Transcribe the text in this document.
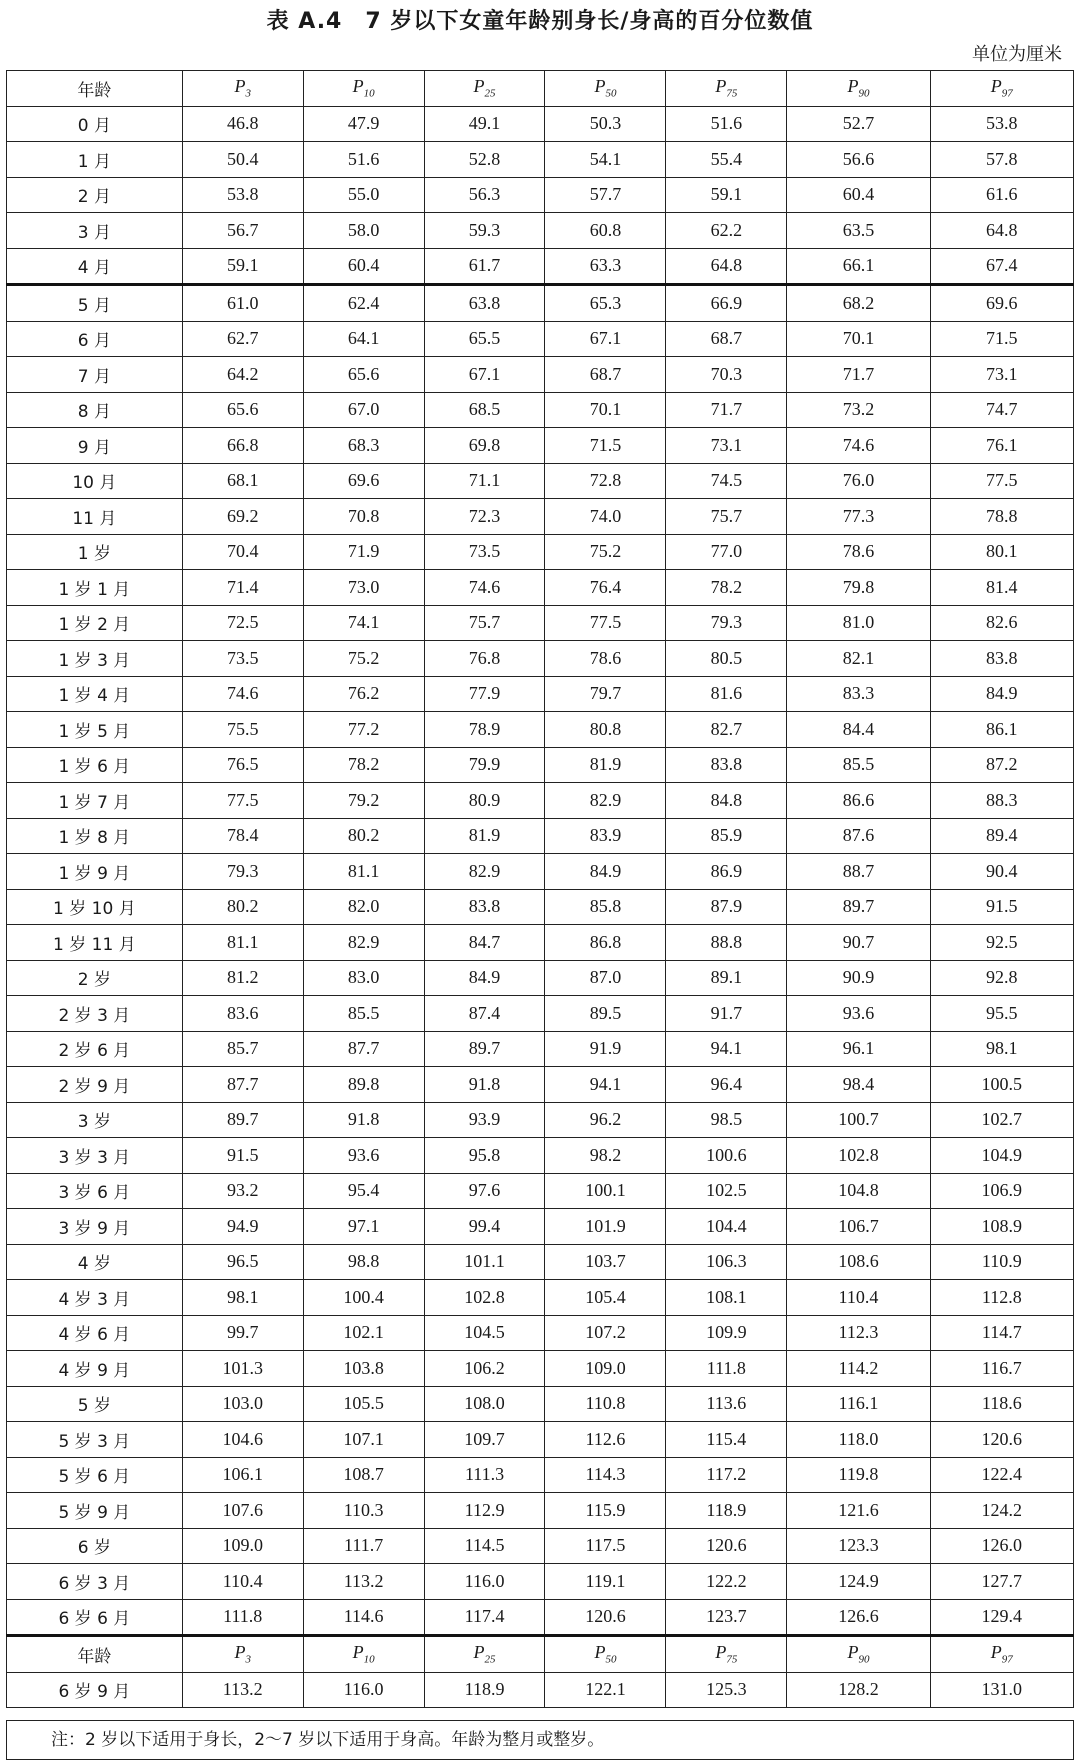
表 A.4　7 岁以下女童年龄别身长/身高的百分位数值
单位为厘米
年龄	$P_3$	$P_{10}$	$P_{25}$	$P_{50}$	$P_{75}$	$P_{90}$	$P_{97}$
0 月	46.8	47.9	49.1	50.3	51.6	52.7	53.8
1 月	50.4	51.6	52.8	54.1	55.4	56.6	57.8
2 月	53.8	55.0	56.3	57.7	59.1	60.4	61.6
3 月	56.7	58.0	59.3	60.8	62.2	63.5	64.8
4 月	59.1	60.4	61.7	63.3	64.8	66.1	67.4
5 月	61.0	62.4	63.8	65.3	66.9	68.2	69.6
6 月	62.7	64.1	65.5	67.1	68.7	70.1	71.5
7 月	64.2	65.6	67.1	68.7	70.3	71.7	73.1
8 月	65.6	67.0	68.5	70.1	71.7	73.2	74.7
9 月	66.8	68.3	69.8	71.5	73.1	74.6	76.1
10 月	68.1	69.6	71.1	72.8	74.5	76.0	77.5
11 月	69.2	70.8	72.3	74.0	75.7	77.3	78.8
1 岁	70.4	71.9	73.5	75.2	77.0	78.6	80.1
1 岁 1 月	71.4	73.0	74.6	76.4	78.2	79.8	81.4
1 岁 2 月	72.5	74.1	75.7	77.5	79.3	81.0	82.6
1 岁 3 月	73.5	75.2	76.8	78.6	80.5	82.1	83.8
1 岁 4 月	74.6	76.2	77.9	79.7	81.6	83.3	84.9
1 岁 5 月	75.5	77.2	78.9	80.8	82.7	84.4	86.1
1 岁 6 月	76.5	78.2	79.9	81.9	83.8	85.5	87.2
1 岁 7 月	77.5	79.2	80.9	82.9	84.8	86.6	88.3
1 岁 8 月	78.4	80.2	81.9	83.9	85.9	87.6	89.4
1 岁 9 月	79.3	81.1	82.9	84.9	86.9	88.7	90.4
1 岁 10 月	80.2	82.0	83.8	85.8	87.9	89.7	91.5
1 岁 11 月	81.1	82.9	84.7	86.8	88.8	90.7	92.5
2 岁	81.2	83.0	84.9	87.0	89.1	90.9	92.8
2 岁 3 月	83.6	85.5	87.4	89.5	91.7	93.6	95.5
2 岁 6 月	85.7	87.7	89.7	91.9	94.1	96.1	98.1
2 岁 9 月	87.7	89.8	91.8	94.1	96.4	98.4	100.5
3 岁	89.7	91.8	93.9	96.2	98.5	100.7	102.7
3 岁 3 月	91.5	93.6	95.8	98.2	100.6	102.8	104.9
3 岁 6 月	93.2	95.4	97.6	100.1	102.5	104.8	106.9
3 岁 9 月	94.9	97.1	99.4	101.9	104.4	106.7	108.9
4 岁	96.5	98.8	101.1	103.7	106.3	108.6	110.9
4 岁 3 月	98.1	100.4	102.8	105.4	108.1	110.4	112.8
4 岁 6 月	99.7	102.1	104.5	107.2	109.9	112.3	114.7
4 岁 9 月	101.3	103.8	106.2	109.0	111.8	114.2	116.7
5 岁	103.0	105.5	108.0	110.8	113.6	116.1	118.6
5 岁 3 月	104.6	107.1	109.7	112.6	115.4	118.0	120.6
5 岁 6 月	106.1	108.7	111.3	114.3	117.2	119.8	122.4
5 岁 9 月	107.6	110.3	112.9	115.9	118.9	121.6	124.2
6 岁	109.0	111.7	114.5	117.5	120.6	123.3	126.0
6 岁 3 月	110.4	113.2	116.0	119.1	122.2	124.9	127.7
6 岁 6 月	111.8	114.6	117.4	120.6	123.7	126.6	129.4
年龄	$P_3$	$P_{10}$	$P_{25}$	$P_{50}$	$P_{75}$	$P_{90}$	$P_{97}$
6 岁 9 月	113.2	116.0	118.9	122.1	125.3	128.2	131.0
注：2 岁以下适用于身长，2〜7 岁以下适用于身高。年龄为整月或整岁。
